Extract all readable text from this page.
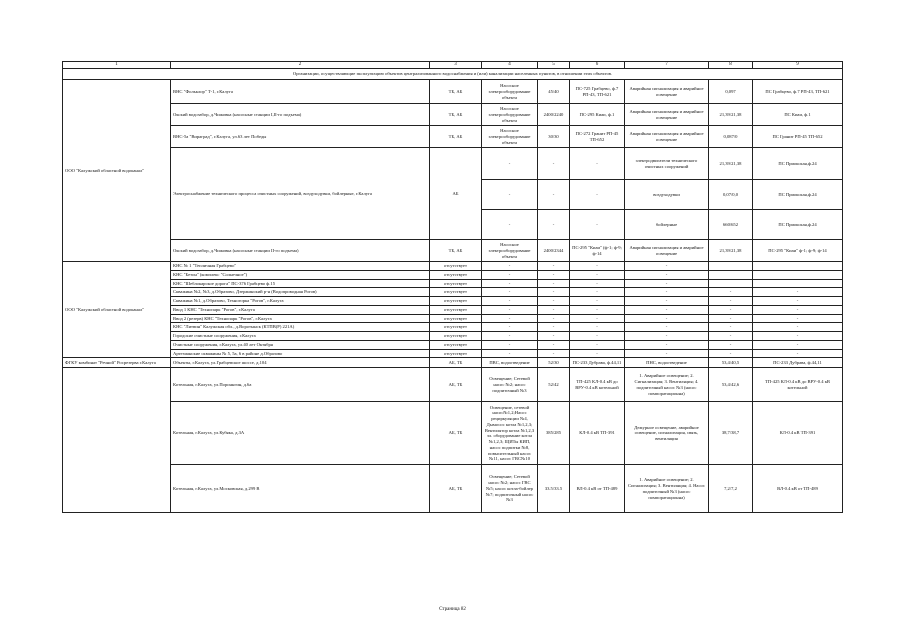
1	2	3	4	5	6	7	8	9
Организации, осуществляющие эксплуатацию объектов централизованного водоснабжения и (или) канализации населенных пунктов, в отношении этих объектов.								
ООО "Калужский областной водоканал"	ВНС "Фольклор" Т-1, г.Калуга	ТБ, АБ	Насосное электрооборудование объекта	45/40	ПС-725 Грабцево, ф.7 РП-43, ТП-621	Аварийная сигнализация и аварийное освещение	0,097	ПС Грабцево, ф.7 РП-43, ТП-621
	Окский водозабор, д.Чижовка (насосные станции I,II-го подъема)	ТБ, АБ	Насосное электрооборудование объекта	2400/2240	ПС-295 Киаи, ф.1	Аварийная сигнализация и аварийное освещение	21,39/21,38	ПС Киаи, ф.1
	ВНС-5а "Вираград", г.Калуга, ул.63 лет Победы	ТБ, АБ	Насосное электрооборудование объекта	30/30	ПС-272 Гранит РП-45 ТП-652	Аварийная сигнализация и аварийное освещение	0,087/0	ПС Гранит РП-45 ТП-652
	Электроснабжение технического процесса очистных сооружений, воздуходувки, бойлерные, г.Калуга	АБ	-	-	-	электродвигатели технического очистных сооружений	21,39/21,38	ПС Приокская,ф.24
			-	-	-	воздуходувки	0,07/0,0	ПС Приокская,ф.24
			-	-	-	бойлерные	660/652	ПС Приокская,ф.24
	Окский водозабор, д.Чижовка (насосные станции II-го подъема)	ТБ, АБ	Насосное электрооборудование объекта	2400/2344	ПС-295 "Киаи" (ф-1; ф-9; ф-14	Аварийная сигнализация и аварийное освещение	21,39/21,38	ПС-295 "Киаи" ф-1; ф-9; ф-14
ООО "Калужский областной водоканал"	КНС № 1 "Тепличная Грабцево"	отсутствует	-	-	-	-		
	КНС "Бетон" (комплекс "Солнечное")	отсутствует	-	-	-	-		
	КНС "Шеблокарское дорога" ПС-376 Грабцево ф.15	отсутствует	-	-	-	-		
	Скважина №2, №3, д.Образово, Дзержинский р-н (Водопроводная Рогов)	отсутствует	-	-	-	-	-	-
	Скважина №1, д.Образово, Техногорка "Рогов", г.Калуга	отсутствует	-	-	-	-	-	-
	Ввод 1 КНС "Технопарк "Рогов", г.Калуга	отсутствует	-	-	-	-	-	-
	Ввод 2 (резерв) КНС "Технопарк "Рогов", г.Калуга	отсутствует	-	-	-	-	-	-
	КНС "Литвин" Калужская обл., д.Воротынск (КТПВ(Р) 221А)	отсутствует	-	-	-	-	-	-
	Городские очистные сооружения, г.Калуга	отсутствует	-	-	-	-	-	-
	Очистные сооружения, г.Калуга, ул.40 лет Октября	отсутствует	-	-	-	-	-	-
	Артезианские скважины № 5, 5а, 6 в районе д.Образово	отсутствует	-	-	-	-	-	-
ФГКУ комбинат "Речной" Росрезерва г.Калуга	Объекты, г.Калуга, ул.Грабцевское шоссе, д.104	АБ, ТБ	ПВС, водоотведение	52/30	ПС-233 Дубрава, ф.44,11	ПНС, водоотведение	53,4/40,5	ПС-233 Дубрава, ф.44,11
	Котельная, г.Калуга, ул.Пороннгин, д.6а	АБ, ТБ	Освещение; Сетевой насос №2; насос подпиточный №3	52/42	ТП-425 КЛ-0.4 кВ до ВРУ-0.4 кВ котельной	1. Аварийное освещение; 2. Сигнализация; 3. Вентиляция; 4. подпиточный насос №3 (насос помпоратационна)	53,4/42,6	ТП-425 КЛ-0.4 кВ до ВРУ-0.4 кВ котельной
	Котельная, г.Калуга, ул.Кубяка, д.3А	АБ, ТБ	Освещение, сетевой насос№1,2;Насос рециркуляции №4, Дымосос котла №1,2,3; Вентилятор котла №1,2,3 эл. оборудование котла №1,2,3; ЩИТы КИП, насос подпитки №8, повысительный насос №11, насос ГВС№10	385/285	КЛ-0.4 кВ ТП-391	Дежурное освещение, аварийное освещение, сигнализация, связь, вентиляция	38,7/38,7	КЛ-0.4 кВ ТП-391
	Котельная, г.Калуга, ул.Московская, д.299 В	АБ, ТБ	Освещение; Сетевой насос №2; насос ГВС №5; насос котла-бойлер №7; подпиточный насос №3	33.5/33.5	ВЛ-0.4 кВ от ТП-489	1. Аварийное освещение; 2. Сигнализация; 3. Вентиляция; 4. Насос подпиточный №3 (насос помпоратационна)	7,2/7,2	ВЛ-0.4 кВ от ТП-489
Страница 82
